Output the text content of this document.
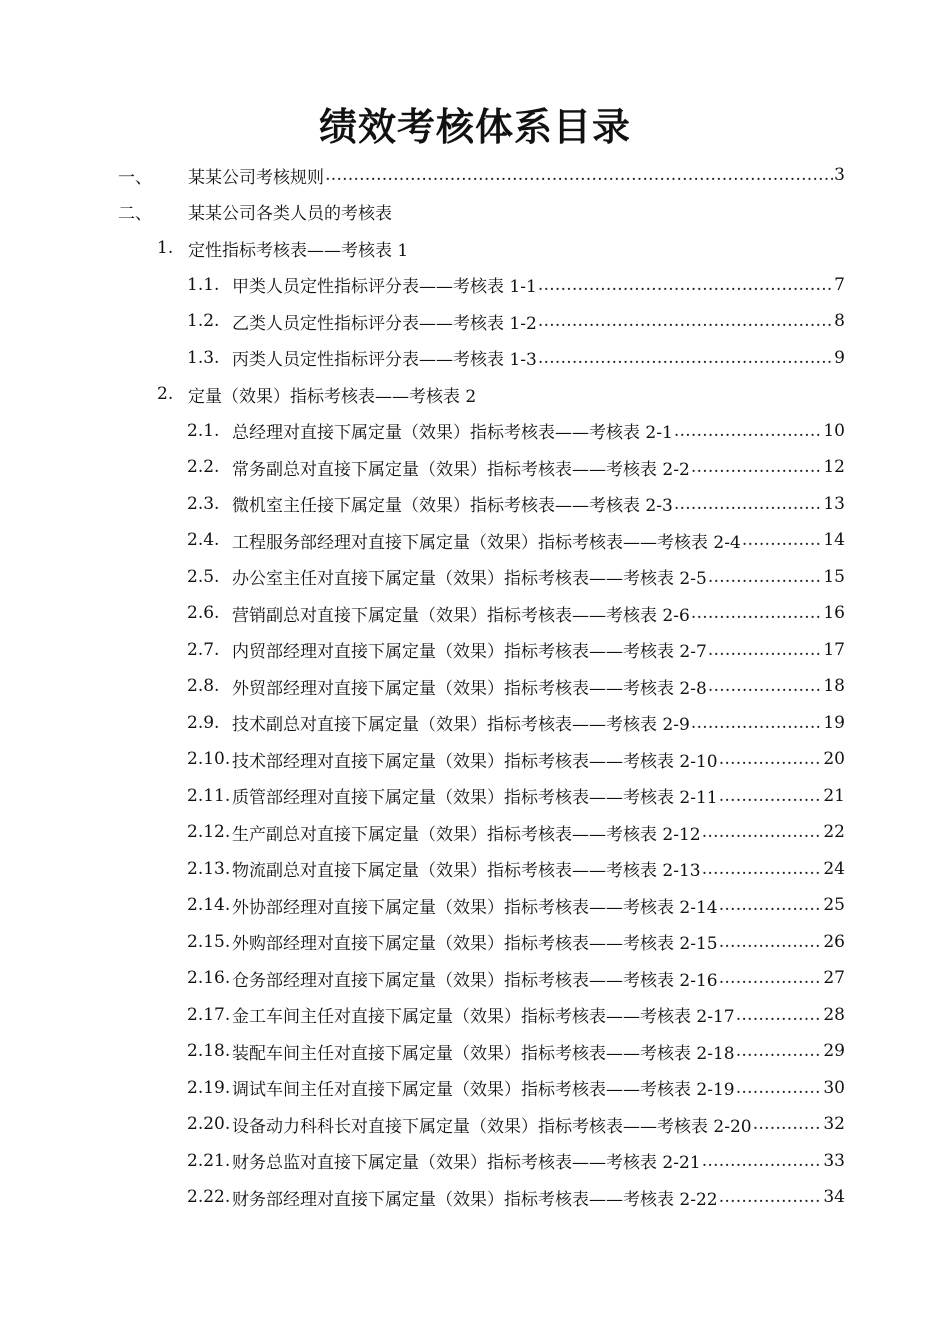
绩效考核体系目录
一、	某某公司考核规则 ……………………………………………………………………………………………………………………………………………………………………	3
二、	某某公司各类人员的考核表
1. 定性指标考核表——考核表 1
1.1. 甲类人员定性指标评分表——考核表 1-1 ……………………………………………………………………………………………………………………………………………………………………	7
1.2. 乙类人员定性指标评分表——考核表 1-2 ……………………………………………………………………………………………………………………………………………………………………	8
1.3. 丙类人员定性指标评分表——考核表 1-3 ……………………………………………………………………………………………………………………………………………………………………	9
2. 定量（效果）指标考核表——考核表 2
2.1. 总经理对直接下属定量（效果）指标考核表——考核表 2-1 ……………………………………………………………………………………………………………………………………………………………………	10
2.2. 常务副总对直接下属定量（效果）指标考核表——考核表 2-2 ……………………………………………………………………………………………………………………………………………………………………	12
2.3. 微机室主任接下属定量（效果）指标考核表——考核表 2-3 ……………………………………………………………………………………………………………………………………………………………………	13
2.4. 工程服务部经理对直接下属定量（效果）指标考核表——考核表 2-4 ……………………………………………………………………………………………………………………………………………………………………	14
2.5. 办公室主任对直接下属定量（效果）指标考核表——考核表 2-5 ……………………………………………………………………………………………………………………………………………………………………	15
2.6. 营销副总对直接下属定量（效果）指标考核表——考核表 2-6 ……………………………………………………………………………………………………………………………………………………………………	16
2.7. 内贸部经理对直接下属定量（效果）指标考核表——考核表 2-7 ……………………………………………………………………………………………………………………………………………………………………	17
2.8. 外贸部经理对直接下属定量（效果）指标考核表——考核表 2-8 ……………………………………………………………………………………………………………………………………………………………………	18
2.9. 技术副总对直接下属定量（效果）指标考核表——考核表 2-9 ……………………………………………………………………………………………………………………………………………………………………	19
2.10. 技术部经理对直接下属定量（效果）指标考核表——考核表 2-10 ……………………………………………………………………………………………………………………………………………………………………	20
2.11. 质管部经理对直接下属定量（效果）指标考核表——考核表 2-11 ……………………………………………………………………………………………………………………………………………………………………	21
2.12. 生产副总对直接下属定量（效果）指标考核表——考核表 2-12 ……………………………………………………………………………………………………………………………………………………………………	22
2.13. 物流副总对直接下属定量（效果）指标考核表——考核表 2-13 ……………………………………………………………………………………………………………………………………………………………………	24
2.14. 外协部经理对直接下属定量（效果）指标考核表——考核表 2-14 ……………………………………………………………………………………………………………………………………………………………………	25
2.15. 外购部经理对直接下属定量（效果）指标考核表——考核表 2-15 ……………………………………………………………………………………………………………………………………………………………………	26
2.16. 仓务部经理对直接下属定量（效果）指标考核表——考核表 2-16 ……………………………………………………………………………………………………………………………………………………………………	27
2.17. 金工车间主任对直接下属定量（效果）指标考核表——考核表 2-17 ……………………………………………………………………………………………………………………………………………………………………	28
2.18. 装配车间主任对直接下属定量（效果）指标考核表——考核表 2-18 ……………………………………………………………………………………………………………………………………………………………………	29
2.19. 调试车间主任对直接下属定量（效果）指标考核表——考核表 2-19 ……………………………………………………………………………………………………………………………………………………………………	30
2.20. 设备动力科科长对直接下属定量（效果）指标考核表——考核表 2-20 ……………………………………………………………………………………………………………………………………………………………………	32
2.21. 财务总监对直接下属定量（效果）指标考核表——考核表 2-21 ……………………………………………………………………………………………………………………………………………………………………	33
2.22. 财务部经理对直接下属定量（效果）指标考核表——考核表 2-22 ……………………………………………………………………………………………………………………………………………………………………	34
